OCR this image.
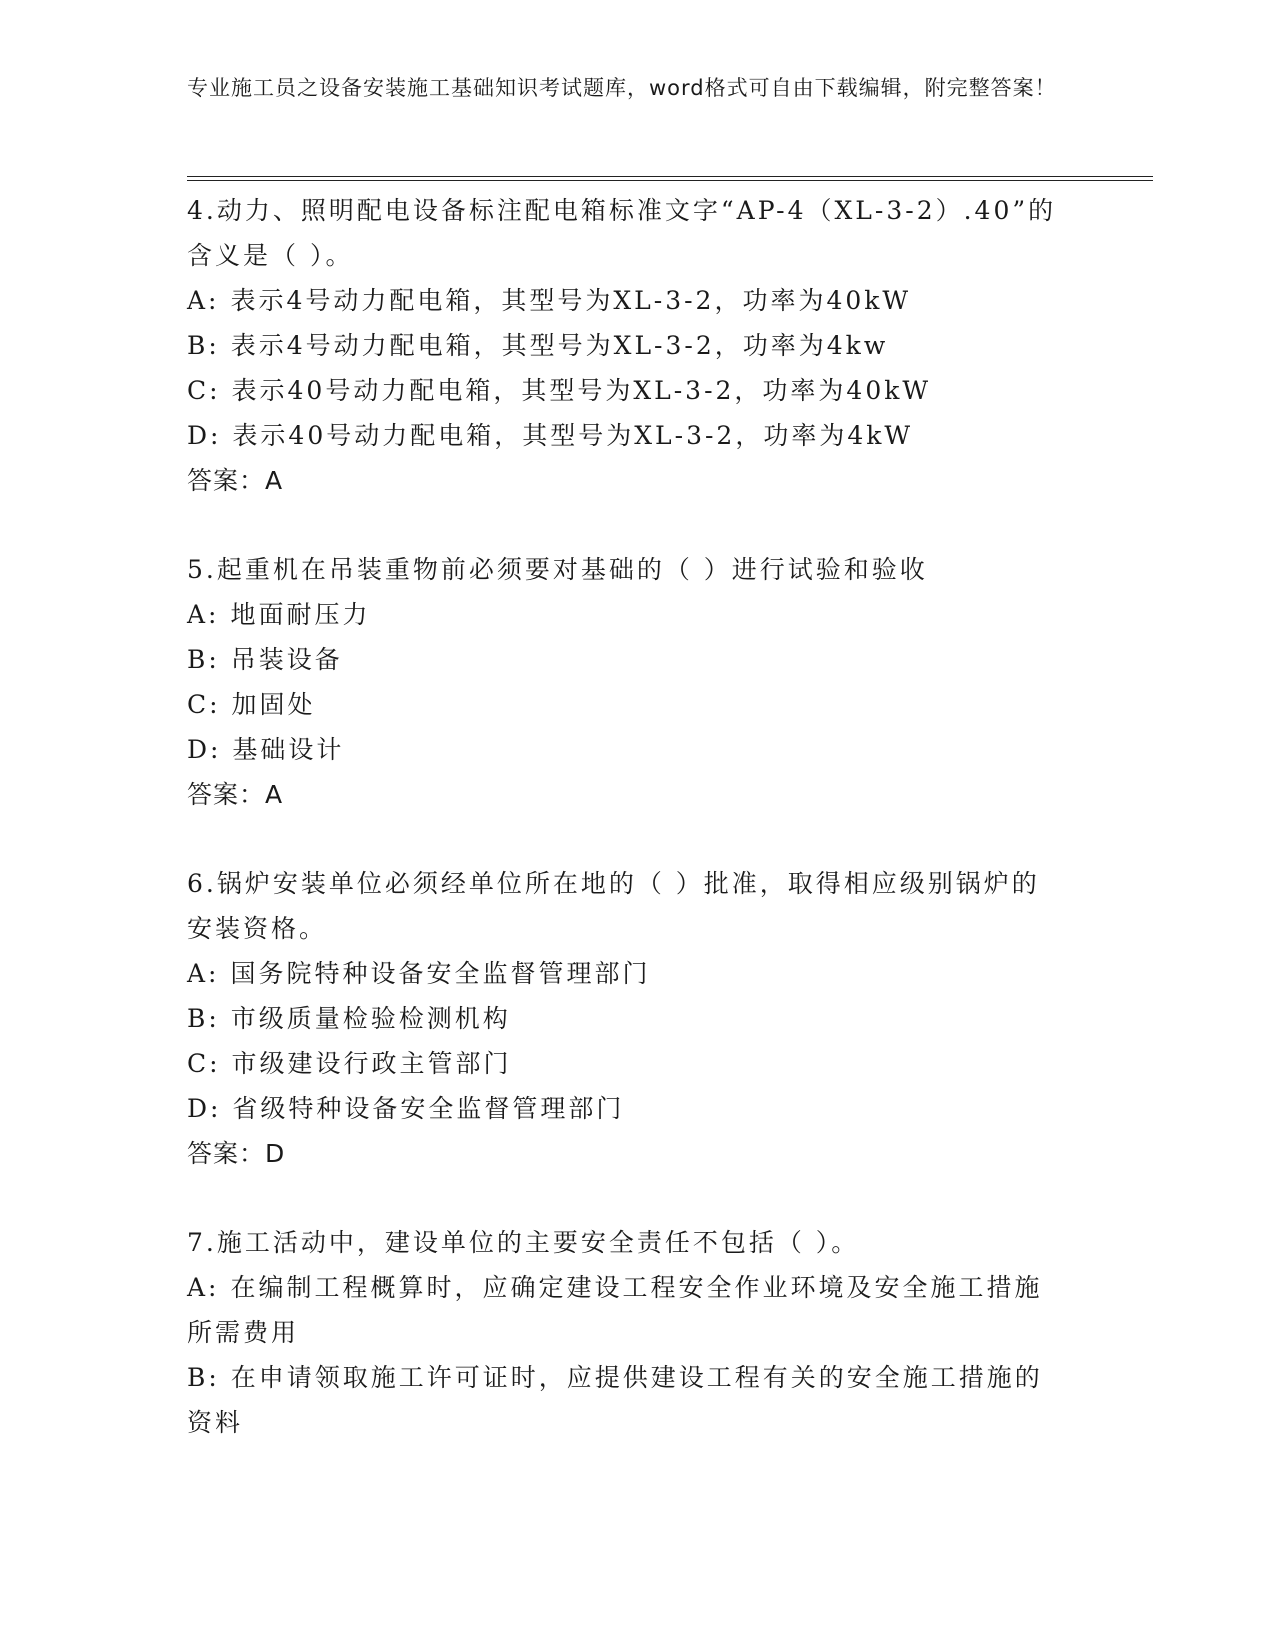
专业施工员之设备安装施工基础知识考试题库，word格式可自由下载编辑，附完整答案！
4.动力、照明配电设备标注配电箱标准文字“AP-4（XL-3-2）.40”的含义是（ ）。
A: 表示4号动力配电箱，其型号为XL-3-2，功率为40kW
B: 表示4号动力配电箱，其型号为XL-3-2，功率为4kw
C: 表示40号动力配电箱，其型号为XL-3-2，功率为40kW
D: 表示40号动力配电箱，其型号为XL-3-2，功率为4kW
答案：A
5.起重机在吊装重物前必须要对基础的（ ）进行试验和验收
A: 地面耐压力
B: 吊装设备
C: 加固处
D: 基础设计
答案：A
6.锅炉安装单位必须经单位所在地的（ ）批准，取得相应级别锅炉的安装资格。
A: 国务院特种设备安全监督管理部门
B: 市级质量检验检测机构
C: 市级建设行政主管部门
D: 省级特种设备安全监督管理部门
答案：D
7.施工活动中，建设单位的主要安全责任不包括（ ）。
A: 在编制工程概算时，应确定建设工程安全作业环境及安全施工措施所需费用
B: 在申请领取施工许可证时，应提供建设工程有关的安全施工措施的资料
